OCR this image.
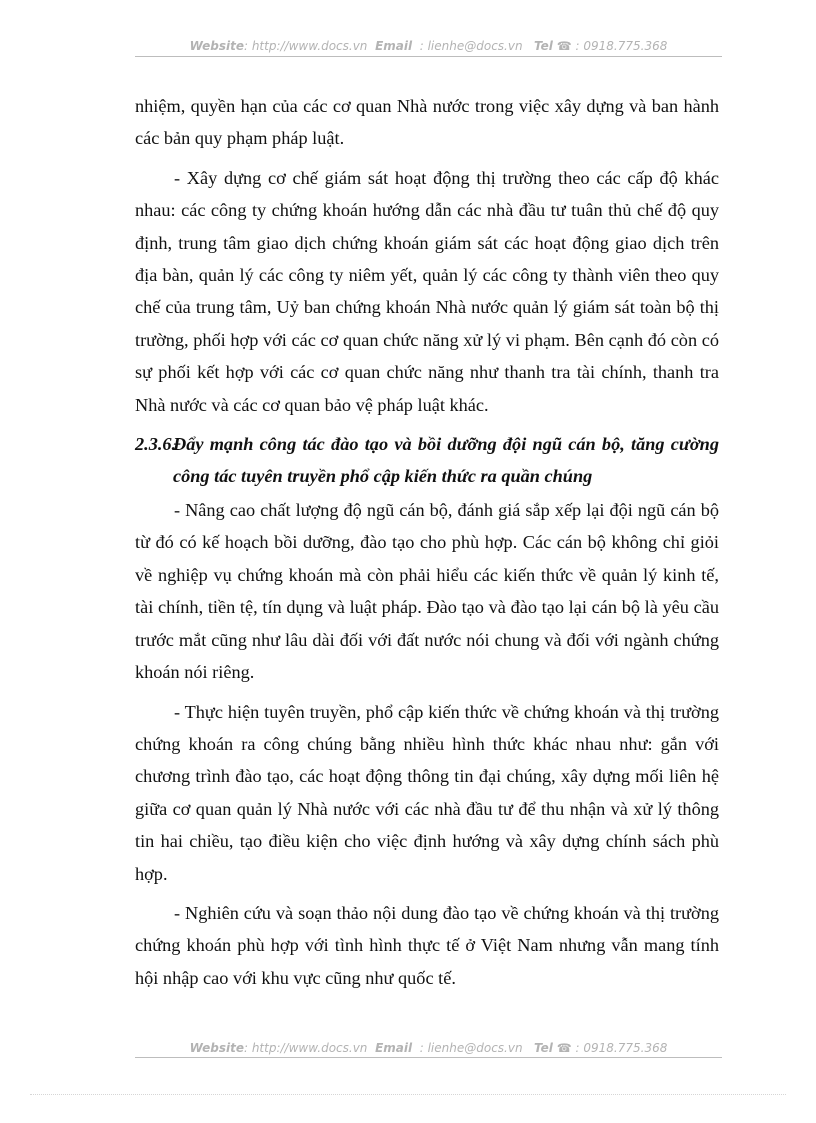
Website: http://www.docs.vn Email : lienhe@docs.vn Tel ☎ : 0918.775.368

nhiệm, quyền hạn của các cơ quan Nhà nước trong việc xây dựng và ban hành các bản quy phạm pháp luật.

- Xây dựng cơ chế giám sát hoạt động thị trường theo các cấp độ khác nhau: các công ty chứng khoán hướng dẫn các nhà đầu tư tuân thủ chế độ quy định, trung tâm giao dịch chứng khoán giám sát các hoạt động giao dịch trên địa bàn, quản lý các công ty niêm yết, quản lý các công ty thành viên theo quy chế của trung tâm, Uỷ ban chứng khoán Nhà nước quản lý giám sát toàn bộ thị trường, phối hợp với các cơ quan chức năng xử lý vi phạm. Bên cạnh đó còn có sự phối kết hợp với các cơ quan chức năng như thanh tra tài chính, thanh tra Nhà nước và các cơ quan bảo vệ pháp luật khác.

2.3.6.Đẩy mạnh công tác đào tạo và bồi dưỡng đội ngũ cán bộ, tăng cường công tác tuyên truyền phổ cập kiến thức ra quần chúng

- Nâng cao chất lượng độ ngũ cán bộ, đánh giá sắp xếp lại đội ngũ cán bộ từ đó có kế hoạch bồi dưỡng, đào tạo cho phù hợp. Các cán bộ không chỉ giỏi về nghiệp vụ chứng khoán mà còn phải hiểu các kiến thức về quản lý kinh tế, tài chính, tiền tệ, tín dụng và luật pháp. Đào tạo và đào tạo lại cán bộ là yêu cầu trước mắt cũng như lâu dài đối với đất nước nói chung và đối với ngành chứng khoán nói riêng.

- Thực hiện tuyên truyền, phổ cập kiến thức về chứng khoán và thị trường chứng khoán ra công chúng bằng nhiều hình thức khác nhau như: gắn với chương trình đào tạo, các hoạt động thông tin đại chúng, xây dựng mối liên hệ giữa cơ quan quản lý Nhà nước với các nhà đầu tư để thu nhận và xử lý thông tin hai chiều, tạo điều kiện cho việc định hướng và xây dựng chính sách phù hợp.

- Nghiên cứu và soạn thảo nội dung đào tạo về chứng khoán và thị trường chứng khoán phù hợp với tình hình thực tế ở Việt Nam nhưng vẫn mang tính hội nhập cao với khu vực cũng như quốc tế.

Website: http://www.docs.vn Email : lienhe@docs.vn Tel ☎ : 0918.775.368
